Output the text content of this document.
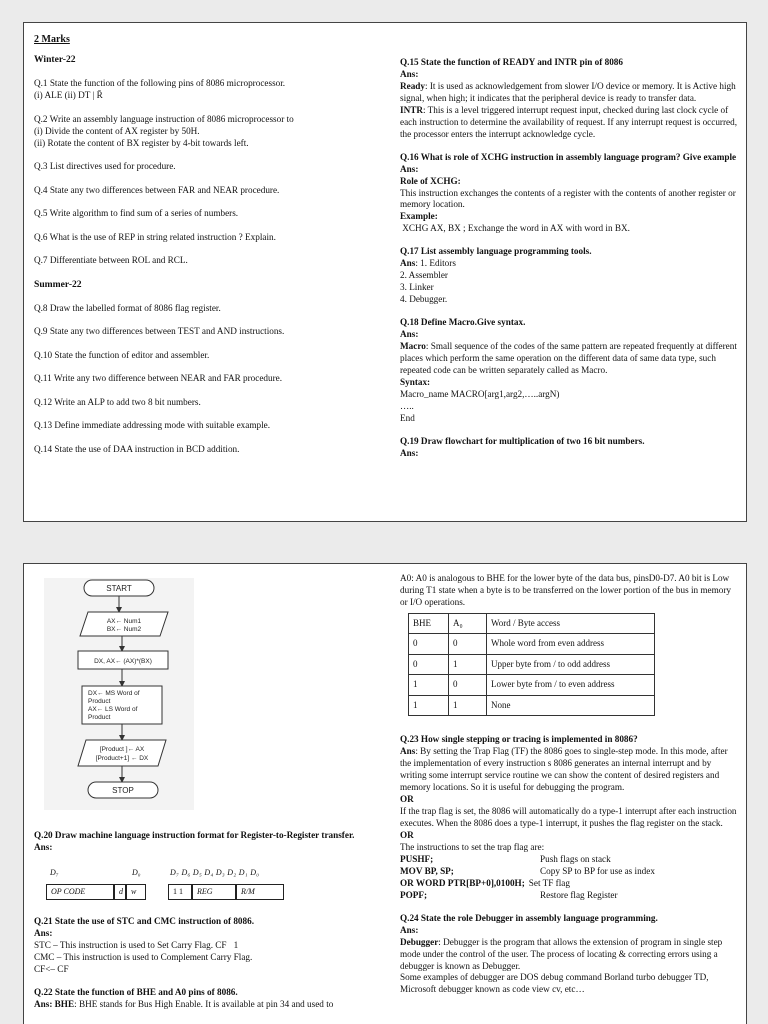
2 Marks
Winter-22
Q.1 State the function of the following pins of 8086 microprocessor.
(i) ALE (ii) DT | R̄
Q.2 Write an assembly language instruction of 8086 microprocessor to
(i) Divide the content of AX register by 50H.
(ii) Rotate the content of BX register by 4-bit towards left.
Q.3 List directives used for procedure.
Q.4 State any two differences between FAR and NEAR procedure.
Q.5 Write algorithm to find sum of a series of numbers.
Q.6 What is the use of REP in string related instruction ? Explain.
Q.7 Differentiate between ROL and RCL.
Summer-22
Q.8 Draw the labelled format of 8086 flag register.
Q.9 State any two differences between TEST and AND instructions.
Q.10 State the function of editor and assembler.
Q.11 Write any two difference between NEAR and FAR procedure.
Q.12 Write an ALP to add two 8 bit numbers.
Q.13 Define immediate addressing mode with suitable example.
Q.14 State the use of DAA instruction in BCD addition.
Q.15 State the function of READY and INTR pin of 8086
Ans:
Ready: It is used as acknowledgement from slower I/O device or memory. It is Active high signal, when high; it indicates that the peripheral device is ready to transfer data.
INTR: This is a level triggered interrupt request input, checked during last clock cycle of each instruction to determine the availability of request. If any interrupt request is occurred, the processor enters the interrupt acknowledge cycle.
Q.16 What is role of XCHG instruction in assembly language program? Give example
Ans:
Role of XCHG:
This instruction exchanges the contents of a register with the contents of another register or memory location.
Example:
XCHG AX, BX ; Exchange the word in AX with word in BX.
Q.17 List assembly language programming tools.
Ans: 1. Editors
2. Assembler
3. Linker
4. Debugger.
Q.18 Define Macro.Give syntax.
Ans:
Macro: Small sequence of the codes of the same pattern are repeated frequently at different places which perform the same operation on the different data of same data type, such repeated code can be written separately called as Macro.
Syntax:
Macro_name MACRO[arg1,arg2,…..argN)
…..
End
Q.19 Draw flowchart for multiplication of two 16 bit numbers.
Ans:
START
AX← Num1
BX← Num2
DX, AX← (AX)*(BX)
DX← MS Word of
Product
AX← LS Word of
Product
[Product ]← AX
[Product+1] ← DX
STOP
Q.20 Draw machine language instruction format for Register-to-Register transfer.
Ans:
D₇	D₀	D₇ D₆ D₅ D₄ D₃ D₂ D₁ D₀
OP CODE	d	w	1 1	REG	R/M
Q.21 State the use of STC and CMC instruction of 8086.
Ans:
STC – This instruction is used to Set Carry Flag. CF⃞1
CMC – This instruction is used to Complement Carry Flag.
CF<– CF
Q.22 State the function of BHE and A0 pins of 8086.
Ans: BHE: BHE stands for Bus High Enable. It is available at pin 34 and used to
A0: A0 is analogous to BHE for the lower byte of the data bus, pinsD0-D7. A0 bit is Low during T1 state when a byte is to be transferred on the lower portion of the bus in memory or I/O operations.
BHE	A₀	Word / Byte access
0	0	Whole word from even address
0	1	Upper byte from / to odd address
1	0	Lower byte from / to even address
1	1	None
Q.23 How single stepping or tracing is implemented in 8086?
Ans: By setting the Trap Flag (TF) the 8086 goes to single-step mode. In this mode, after the implementation of every instruction s 8086 generates an internal interrupt and by writing some interrupt service routine we can show the content of desired registers and memory locations. So it is useful for debugging the program.
OR
If the trap flag is set, the 8086 will automatically do a type-1 interrupt after each instruction executes. When the 8086 does a type-1 interrupt, it pushes the flag register on the stack.
OR
The instructions to set the trap flag are:
PUSHF;	Push flags on stack
MOV BP, SP;	Copy SP to BP for use as index
OR WORD PTR[BP+0],0100H; Set TF flag
POPF;	Restore flag Register
Q.24 State the role Debugger in assembly language programming.
Ans:
Debugger: Debugger is the program that allows the extension of program in single step mode under the control of the user. The process of locating & correcting errors using a debugger is known as Debugger.
Some examples of debugger are DOS debug command Borland turbo debugger TD, Microsoft debugger known as code view cv, etc…
